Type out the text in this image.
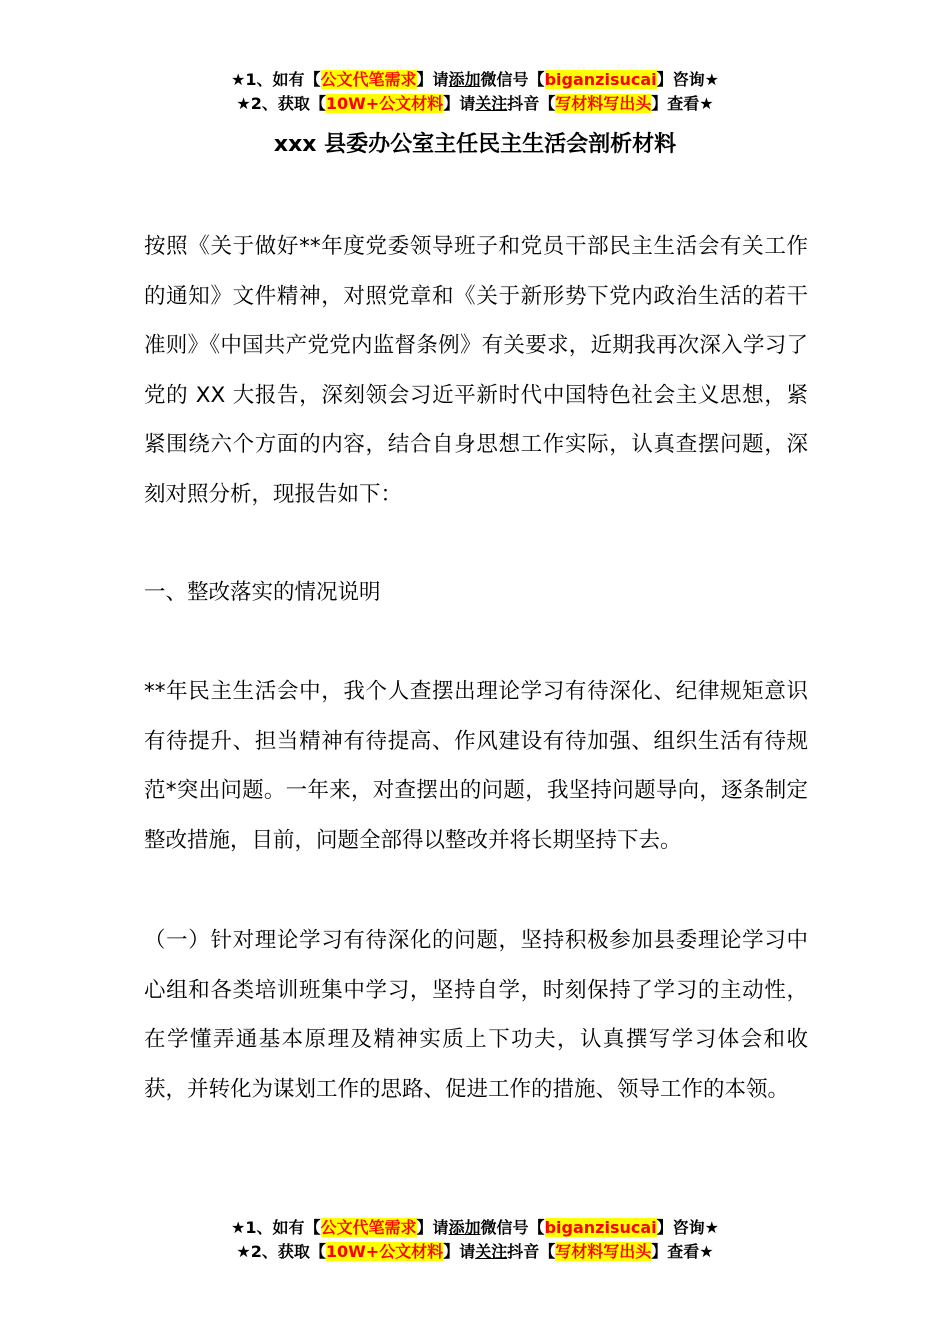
★1、如有【公文代笔需求】请添加微信号【biganzisucai】咨询★
★2、获取【10W+公文材料】请关注抖音【写材料写出头】查看★
xxx 县委办公室主任民主生活会剖析材料

按照《关于做好**年度党委领导班子和党员干部民主生活会有关工作的通知》文件精神，对照党章和《关于新形势下党内政治生活的若干准则》《中国共产党党内监督条例》有关要求，近期我再次深入学习了党的 XX 大报告，深刻领会习近平新时代中国特色社会主义思想，紧紧围绕六个方面的内容，结合自身思想工作实际，认真查摆问题，深刻对照分析，现报告如下：

一、整改落实的情况说明

**年民主生活会中，我个人查摆出理论学习有待深化、纪律规矩意识有待提升、担当精神有待提高、作风建设有待加强、组织生活有待规范*突出问题。一年来，对查摆出的问题，我坚持问题导向，逐条制定整改措施，目前，问题全部得以整改并将长期坚持下去。

（一）针对理论学习有待深化的问题，坚持积极参加县委理论学习中心组和各类培训班集中学习，坚持自学，时刻保持了学习的主动性，在学懂弄通基本原理及精神实质上下功夫，认真撰写学习体会和收获，并转化为谋划工作的思路、促进工作的措施、领导工作的本领。

★1、如有【公文代笔需求】请添加微信号【biganzisucai】咨询★
★2、获取【10W+公文材料】请关注抖音【写材料写出头】查看★
